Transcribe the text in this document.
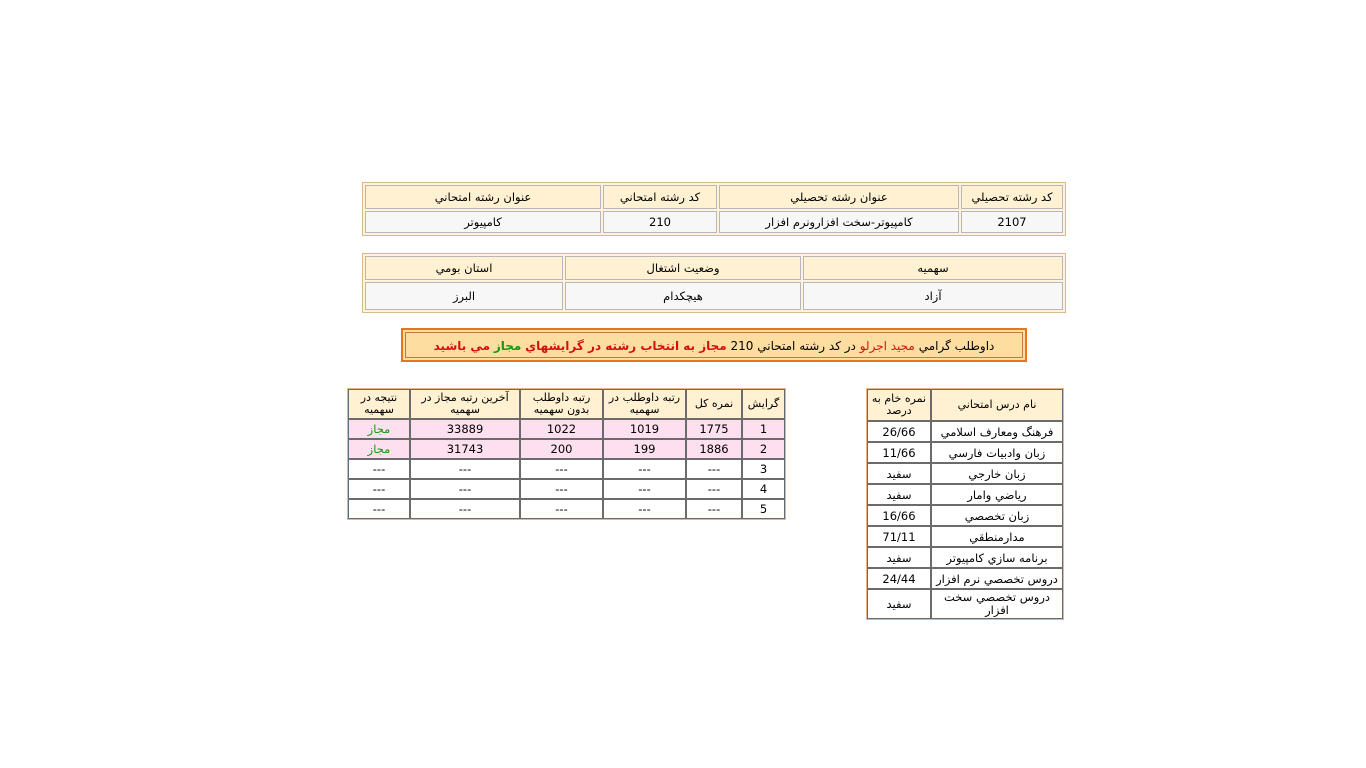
کد رشته تحصيلي	عنوان رشته تحصيلي	کد رشته امتحاني	عنوان رشته امتحاني
2107	کامپيوتر-سخت افزارونرم افزار	210	کامپيوتر
سهميه	وضعيت اشتغال	استان بومي
آزاد	هيچکدام	البرز
داوطلب گرامي مجيد اجرلو در کد رشته امتحاني 210 مجاز به انتخاب رشته در گرايشهاي مجاز مي باشيد
گرايش	نمره کل	رتبه داوطلب در سهميه	رتبه داوطلب بدون سهميه	آخرين رتبه مجاز در سهميه	نتيجه در سهميه
1	1775	1019	1022	33889	مجاز
2	1886	199	200	31743	مجاز
3	---	---	---	---	---
4	---	---	---	---	---
5	---	---	---	---	---
نام درس امتحاني	نمره خام به درصد
فرهنگ ومعارف اسلامي	26/66
زبان وادبيات فارسي	11/66
زبان خارجي	سفيد
رياضي وامار	سفيد
زبان تخصصي	16/66
مدارمنطقي	71/11
برنامه سازي کامپيوتر	سفيد
دروس تخصصي نرم افزار	24/44
دروس تخصصي سخت افزار	سفيد
